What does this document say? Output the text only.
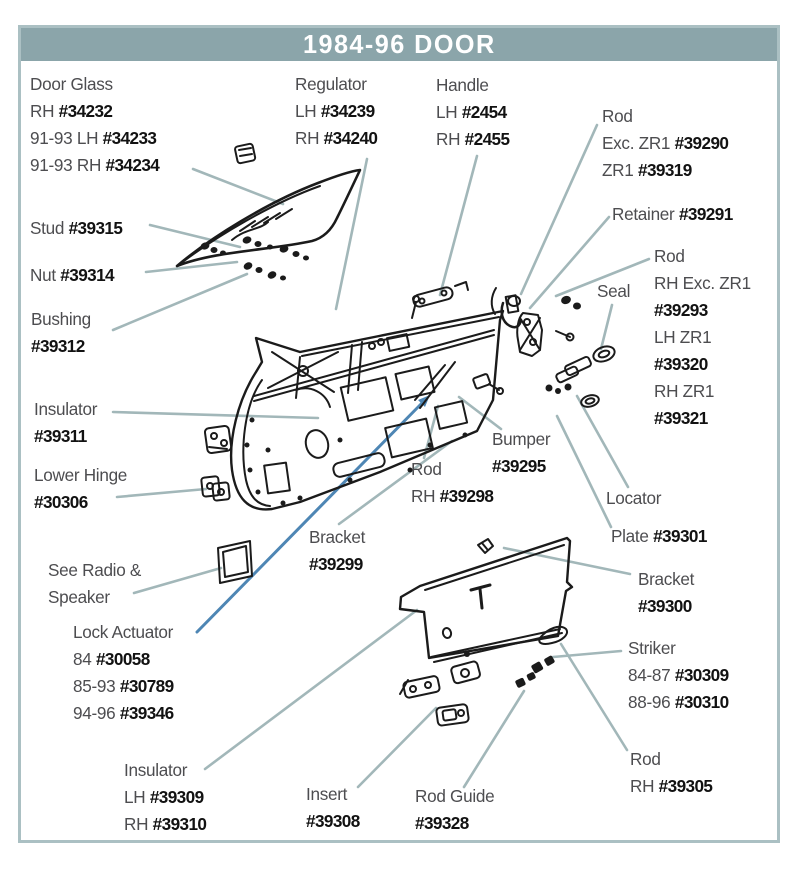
1984-96 DOOR
Door Glass
RH #34232
91-93 LH #34233
91-93 RH #34234
Regulator
LH #34239
RH #34240
Handle
LH #2454
RH #2455
Rod
Exc. ZR1 #39290
ZR1 #39319
Retainer #39291
Rod
RH Exc. ZR1
#39293
LH ZR1
#39320
RH ZR1
#39321
Seal
Stud #39315
Nut #39314
Bushing
#39312
Insulator
#39311
Lower Hinge
#30306
Rod
RH #39298
Bumper
#39295
Locator
Plate #39301
Bracket
#39299
See Radio &
Speaker
Bracket
#39300
Lock Actuator
84 #30058
85-93 #30789
94-96 #39346
Striker
84-87 #30309
88-96 #30310
Rod
RH #39305
Insulator
LH #39309
RH #39310
Insert
#39308
Rod Guide
#39328
